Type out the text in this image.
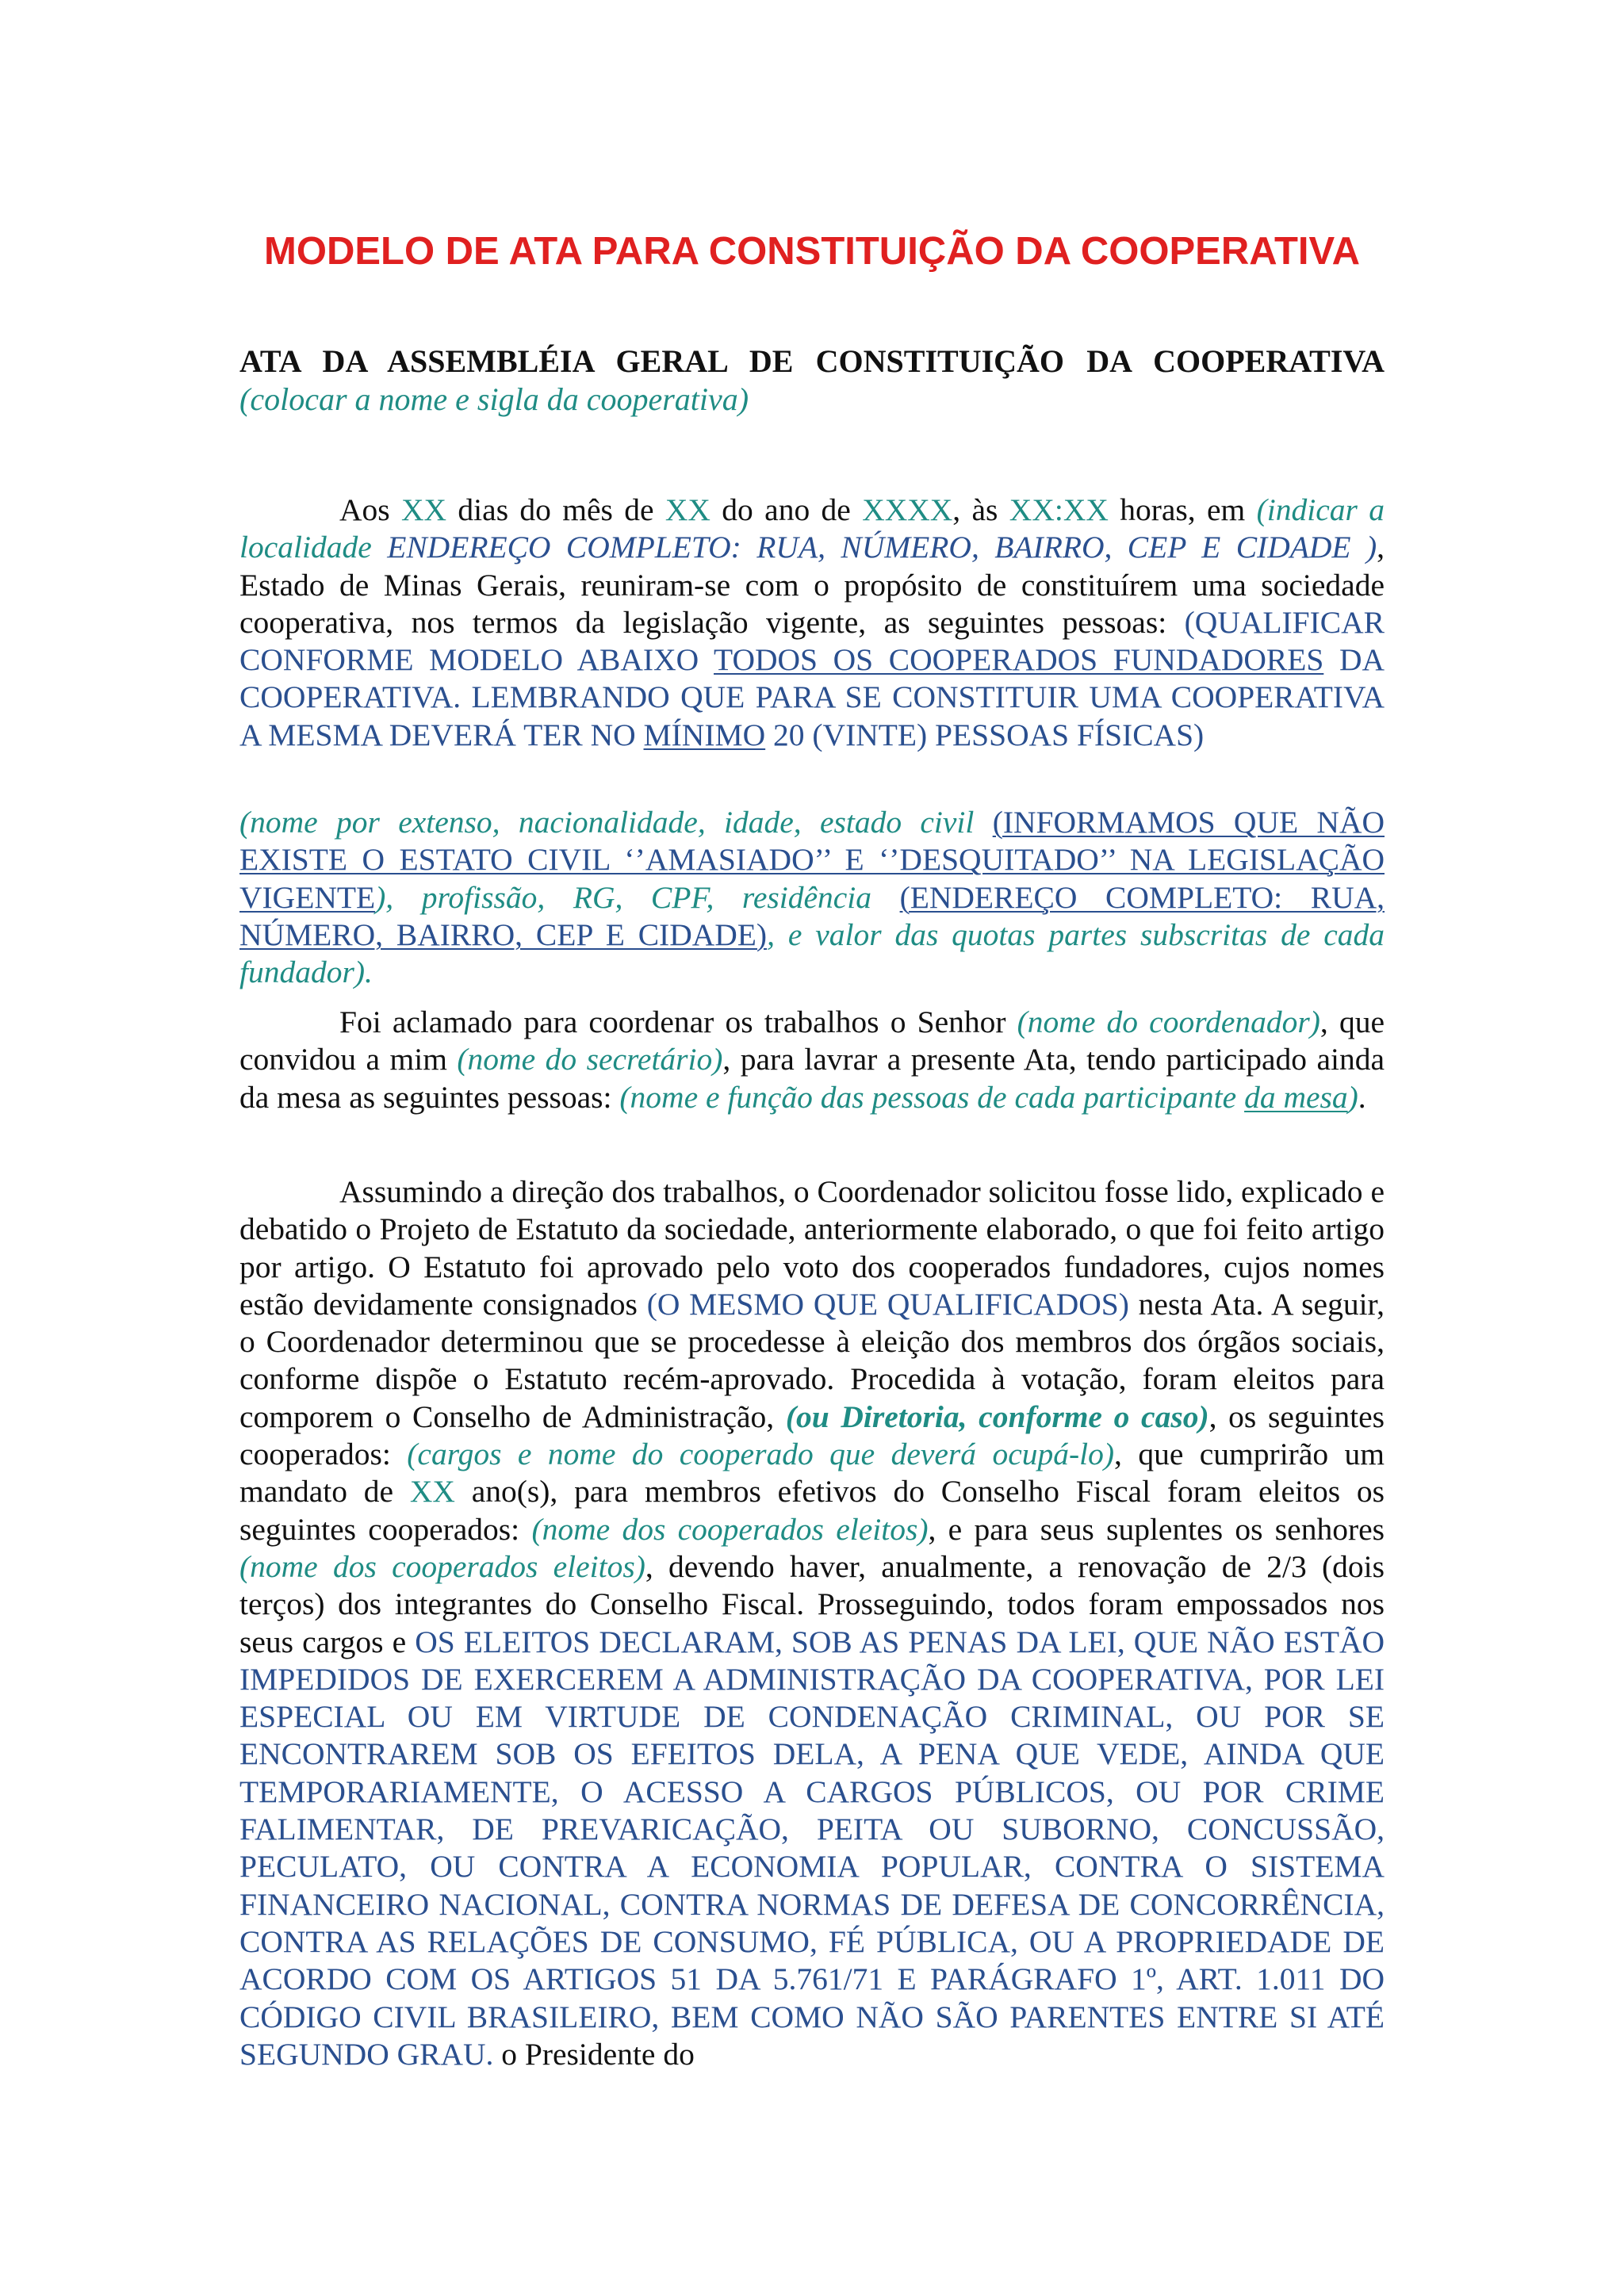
MODELO DE ATA PARA CONSTITUIÇÃO DA COOPERATIVA

ATA DA ASSEMBLÉIA GERAL DE CONSTITUIÇÃO DA COOPERATIVA

(colocar a nome e sigla da cooperativa)

Aos XX dias do mês de XX do ano de XXXX, às XX:XX horas, em (indicar a localidade ENDEREÇO COMPLETO: RUA, NÚMERO, BAIRRO, CEP E CIDADE ), Estado de Minas Gerais, reuniram-se com o propósito de constituírem uma sociedade cooperativa, nos termos da legislação vigente, as seguintes pessoas: (QUALIFICAR CONFORME MODELO ABAIXO TODOS OS COOPERADOS FUNDADORES DA COOPERATIVA. LEMBRANDO QUE PARA SE CONSTITUIR UMA COOPERATIVA A MESMA DEVERÁ TER NO MÍNIMO 20 (VINTE) PESSOAS FÍSICAS)

(nome por extenso, nacionalidade, idade, estado civil (INFORMAMOS QUE NÃO EXISTE O ESTATO CIVIL ‘’AMASIADO’’ E ‘’DESQUITADO’’ NA LEGISLAÇÃO VIGENTE), profissão, RG, CPF, residência (ENDEREÇO COMPLETO: RUA, NÚMERO, BAIRRO, CEP E CIDADE), e valor das quotas partes subscritas de cada fundador).

Foi aclamado para coordenar os trabalhos o Senhor (nome do coordenador), que convidou a mim (nome do secretário), para lavrar a presente Ata, tendo participado ainda da mesa as seguintes pessoas: (nome e função das pessoas de cada participante da mesa).

Assumindo a direção dos trabalhos, o Coordenador solicitou fosse lido, explicado e debatido o Projeto de Estatuto da sociedade, anteriormente elaborado, o que foi feito artigo por artigo. O Estatuto foi aprovado pelo voto dos cooperados fundadores, cujos nomes estão devidamente consignados (O MESMO QUE QUALIFICADOS) nesta Ata. A seguir, o Coordenador determinou que se procedesse à eleição dos membros dos órgãos sociais, conforme dispõe o Estatuto recém-aprovado. Procedida à votação, foram eleitos para comporem o Conselho de Administração, (ou Diretoria, conforme o caso), os seguintes cooperados: (cargos e nome do cooperado que deverá ocupá-lo), que cumprirão um mandato de XX ano(s), para membros efetivos do Conselho Fiscal foram eleitos os seguintes cooperados: (nome dos cooperados eleitos), e para seus suplentes os senhores (nome dos cooperados eleitos), devendo haver, anualmente, a renovação de 2/3 (dois terços) dos integrantes do Conselho Fiscal. Prosseguindo, todos foram empossados nos seus cargos e OS ELEITOS DECLARAM, SOB AS PENAS DA LEI, QUE NÃO ESTÃO IMPEDIDOS DE EXERCEREM A ADMINISTRAÇÃO DA COOPERATIVA, POR LEI ESPECIAL OU EM VIRTUDE DE CONDENAÇÃO CRIMINAL, OU POR SE ENCONTRAREM SOB OS EFEITOS DELA, A PENA QUE VEDE, AINDA QUE TEMPORARIAMENTE, O ACESSO A CARGOS PÚBLICOS, OU POR CRIME FALIMENTAR, DE PREVARICAÇÃO, PEITA OU SUBORNO, CONCUSSÃO, PECULATO, OU CONTRA A ECONOMIA POPULAR, CONTRA O SISTEMA FINANCEIRO NACIONAL, CONTRA NORMAS DE DEFESA DE CONCORRÊNCIA, CONTRA AS RELAÇÕES DE CONSUMO, FÉ PÚBLICA, OU A PROPRIEDADE DE ACORDO COM OS ARTIGOS 51 DA 5.761/71 E PARÁGRAFO 1º, ART. 1.011 DO CÓDIGO CIVIL BRASILEIRO, BEM COMO NÃO SÃO PARENTES ENTRE SI ATÉ SEGUNDO GRAU. o Presidente do
